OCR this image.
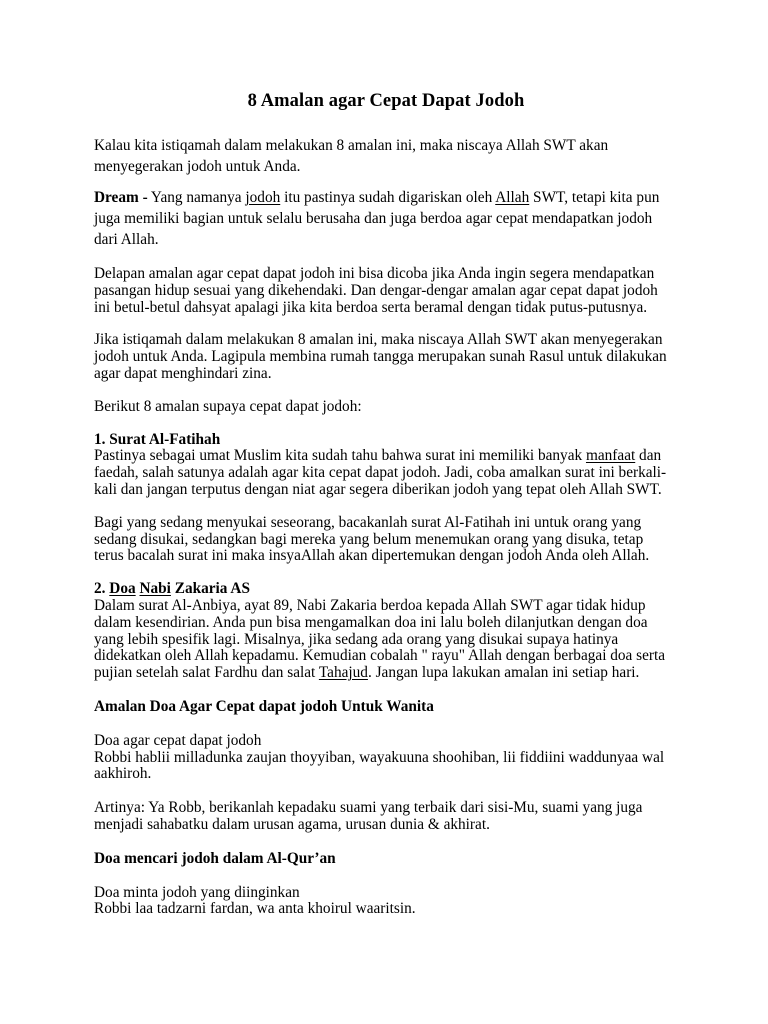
8 Amalan agar Cepat Dapat Jodoh

Kalau kita istiqamah dalam melakukan 8 amalan ini, maka niscaya Allah SWT akan
menyegerakan jodoh untuk Anda.

Dream - Yang namanya jodoh itu pastinya sudah digariskan oleh Allah SWT, tetapi kita pun
juga memiliki bagian untuk selalu berusaha dan juga berdoa agar cepat mendapatkan jodoh
dari Allah.

Delapan amalan agar cepat dapat jodoh ini bisa dicoba jika Anda ingin segera mendapatkan
pasangan hidup sesuai yang dikehendaki. Dan dengar-dengar amalan agar cepat dapat jodoh
ini betul-betul dahsyat apalagi jika kita berdoa serta beramal dengan tidak putus-putusnya.

Jika istiqamah dalam melakukan 8 amalan ini, maka niscaya Allah SWT akan menyegerakan
jodoh untuk Anda. Lagipula membina rumah tangga merupakan sunah Rasul untuk dilakukan
agar dapat menghindari zina.

Berikut 8 amalan supaya cepat dapat jodoh:

1. Surat Al-Fatihah
Pastinya sebagai umat Muslim kita sudah tahu bahwa surat ini memiliki banyak manfaat dan
faedah, salah satunya adalah agar kita cepat dapat jodoh. Jadi, coba amalkan surat ini berkali-
kali dan jangan terputus dengan niat agar segera diberikan jodoh yang tepat oleh Allah SWT.

Bagi yang sedang menyukai seseorang, bacakanlah surat Al-Fatihah ini untuk orang yang
sedang disukai, sedangkan bagi mereka yang belum menemukan orang yang disuka, tetap
terus bacalah surat ini maka insyaAllah akan dipertemukan dengan jodoh Anda oleh Allah.

2. Doa Nabi Zakaria AS
Dalam surat Al-Anbiya, ayat 89, Nabi Zakaria berdoa kepada Allah SWT agar tidak hidup
dalam kesendirian. Anda pun bisa mengamalkan doa ini lalu boleh dilanjutkan dengan doa
yang lebih spesifik lagi. Misalnya, jika sedang ada orang yang disukai supaya hatinya
didekatkan oleh Allah kepadamu. Kemudian cobalah " rayu" Allah dengan berbagai doa serta
pujian setelah salat Fardhu dan salat Tahajud. Jangan lupa lakukan amalan ini setiap hari.

Amalan Doa Agar Cepat dapat jodoh Untuk Wanita

Doa agar cepat dapat jodoh
Robbi hablii milladunka zaujan thoyyiban, wayakuuna shoohiban, lii fiddiini waddunyaa wal
aakhiroh.

Artinya: Ya Robb, berikanlah kepadaku suami yang terbaik dari sisi-Mu, suami yang juga
menjadi sahabatku dalam urusan agama, urusan dunia & akhirat.

Doa mencari jodoh dalam Al-Qur’an

Doa minta jodoh yang diinginkan
Robbi laa tadzarni fardan, wa anta khoirul waaritsin.
